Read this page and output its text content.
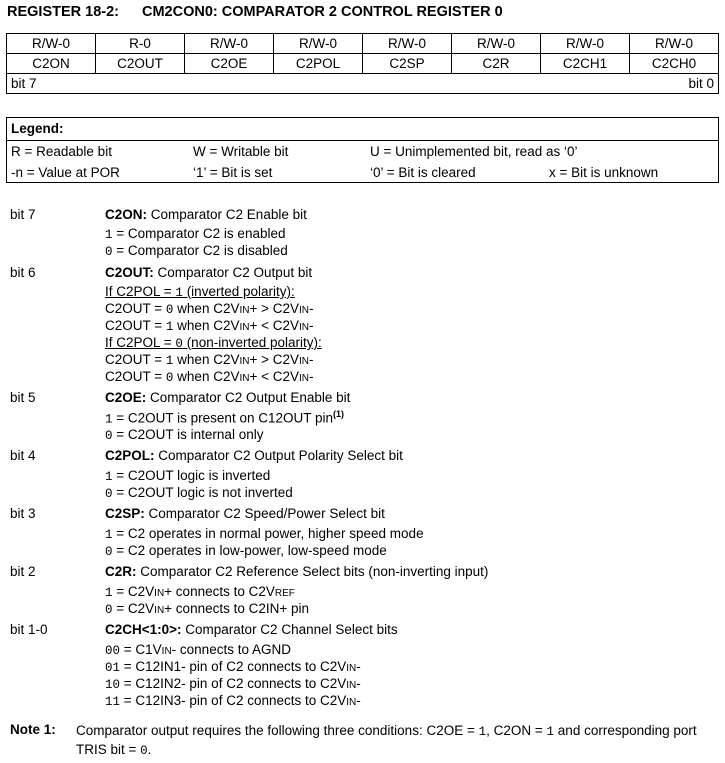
REGISTER 18-2: CM2CON0: COMPARATOR 2 CONTROL REGISTER 0
R/W-0	R-0	R/W-0	R/W-0	R/W-0	R/W-0	R/W-0	R/W-0
C2ON	C2OUT	C2OE	C2POL	C2SP	C2R	C2CH1	C2CH0
bit 7 bit 0							
Legend:
R = Readable bit	W = Writable bit	U = Unimplemented bit, read as ‘0’
-n = Value at POR	‘1’ = Bit is set	‘0’ = Bit is cleared	x = Bit is unknown
bit 7	C2ON: Comparator C2 Enable bit
1 = Comparator C2 is enabled
0 = Comparator C2 is disabled
bit 6	C2OUT: Comparator C2 Output bit
If C2POL = 1 (inverted polarity):
C2OUT = 0 when C2VIN+ > C2VIN-
C2OUT = 1 when C2VIN+ < C2VIN-
If C2POL = 0 (non-inverted polarity):
C2OUT = 1 when C2VIN+ > C2VIN-
C2OUT = 0 when C2VIN+ < C2VIN-
bit 5	C2OE: Comparator C2 Output Enable bit
1 = C2OUT is present on C12OUT pin$^{(1)}$
0 = C2OUT is internal only
bit 4	C2POL: Comparator C2 Output Polarity Select bit
1 = C2OUT logic is inverted
0 = C2OUT logic is not inverted
bit 3	C2SP: Comparator C2 Speed/Power Select bit
1 = C2 operates in normal power, higher speed mode
0 = C2 operates in low-power, low-speed mode
bit 2	C2R: Comparator C2 Reference Select bits (non-inverting input)
1 = C2VIN+ connects to C2VREF
0 = C2VIN+ connects to C2IN+ pin
bit 1-0	C2CH<1:0>: Comparator C2 Channel Select bits
00 = C1VIN- connects to AGND
01 = C12IN1- pin of C2 connects to C2VIN-
10 = C12IN2- pin of C2 connects to C2VIN-
11 = C12IN3- pin of C2 connects to C2VIN-
Note 1: Comparator output requires the following three conditions: C2OE = 1, C2ON = 1 and corresponding port TRIS bit = 0.
